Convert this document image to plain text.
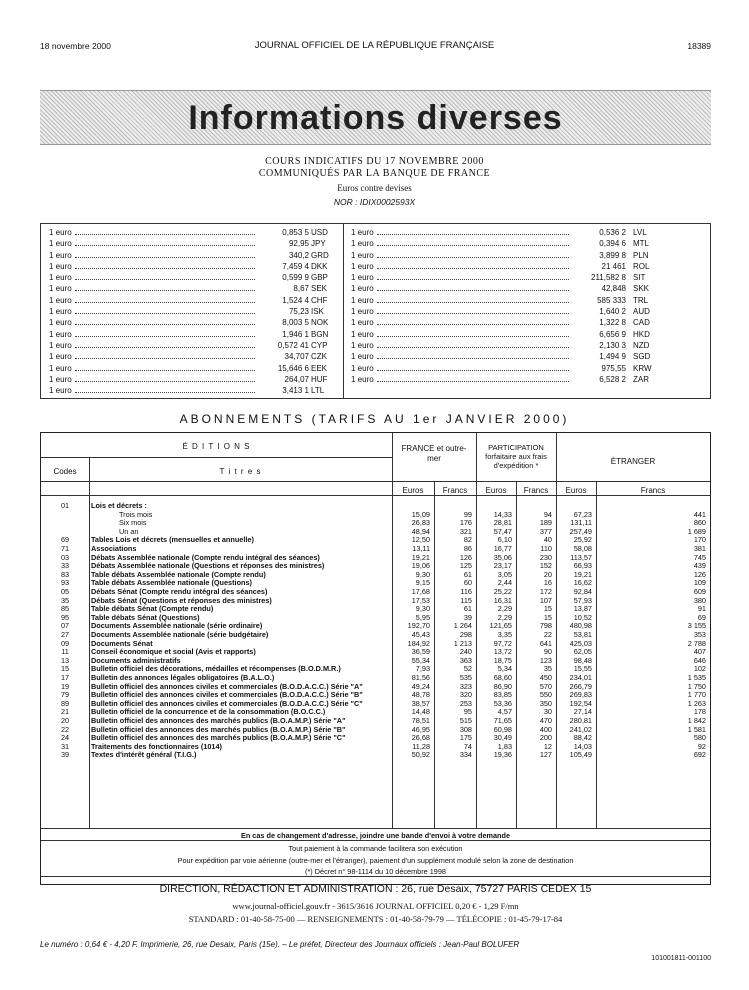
18 novembre 2000	JOURNAL OFFICIEL DE LA RÉPUBLIQUE FRANÇAISE	18389
Informations diverses
COURS INDICATIFS DU 17 NOVEMBRE 2000
COMMUNIQUÉS PAR LA BANQUE DE FRANCE
Euros contre devises
NOR : IDIX0002593X
1 euro	0,853 5 USD
1 euro	92,95 JPY
1 euro	340,2 GRD
1 euro	7,459 4 DKK
1 euro	0,599 9 GBP
1 euro	8,67 SEK
1 euro	1,524 4 CHF
1 euro	75,23 ISK
1 euro	8,003 5 NOK
1 euro	1,946 1 BGN
1 euro	0,572 41 CYP
1 euro	34,707 CZK
1 euro	15,646 6 EEK
1 euro	264,07 HUF
1 euro	3,413 1 LTL
1 euro	0,536 2 LVL
1 euro	0,394 6 MTL
1 euro	3,899 8 PLN
1 euro	21 461 ROL
1 euro	211,582 8 SIT
1 euro	42,848 SKK
1 euro	585 333 TRL
1 euro	1,640 2 AUD
1 euro	1,322 8 CAD
1 euro	6,656 9 HKD
1 euro	2,130 3 NZD
1 euro	1,494 9 SGD
1 euro	975,55 KRW
1 euro	6,528 2 ZAR
ABONNEMENTS (TARIFS AU 1er JANVIER 2000)
É D I T I O N S
Codes	T i t r e s
FRANCE et outre-mer
PARTICIPATION forfaitaire aux frais d'expédition *	ÉTRANGER
Euros	Francs	Euros	Francs	Euros	Francs
01	Lois et décrets :
Trois mois	15,09	99	14,33	94	67,23	441
Six mois	26,83	176	28,81	189	131,11	860
Un an	48,94	321	57,47	377	257,49	1 689
69	Tables Lois et décrets (mensuelles et annuelle)	12,50	82	6,10	40	25,92	170
71	Associations	13,11	86	16,77	110	58,08	381
03	Débats Assemblée nationale (Compte rendu intégral des séances)	19,21	126	35,06	230	113,57	745
33	Débats Assemblée nationale (Questions et réponses des ministres)	19,06	125	23,17	152	66,93	439
83	Table débats Assemblée nationale (Compte rendu)	9,30	61	3,05	20	19,21	126
93	Table débats Assemblée nationale (Questions)	9,15	60	2,44	16	16,62	109
05	Débats Sénat (Compte rendu intégral des séances)	17,68	116	25,22	172	92,84	609
35	Débats Sénat (Questions et réponses des ministres)	17,53	115	16,31	107	57,93	380
85	Table débats Sénat (Compte rendu)	9,30	61	2,29	15	13,87	91
95	Table débats Sénat (Questions)	5,95	39	2,29	15	10,52	69
07	Documents Assemblée nationale (série ordinaire)	192,70	1 264	121,65	798	480,98	3 155
27	Documents Assemblée nationale (série budgétaire)	45,43	298	3,35	22	53,81	353
09	Documents Sénat	184,92	1 213	97,72	641	425,03	2 788
11	Conseil économique et social (Avis et rapports)	36,59	240	13,72	90	62,05	407
13	Documents administratifs	55,34	363	18,75	123	98,48	646
15	Bulletin officiel des décorations, médailles et récompenses (B.O.D.M.R.)	7,93	52	5,34	35	15,55	102
17	Bulletin des annonces légales obligatoires (B.A.L.O.)	81,56	535	68,60	450	234,01	1 535
19	Bulletin officiel des annonces civiles et commerciales (B.O.D.A.C.C.) Série "A"	49,24	323	86,90	570	266,79	1 750
79	Bulletin officiel des annonces civiles et commerciales (B.O.D.A.C.C.) Série "B"	48,78	320	83,85	550	269,83	1 770
89	Bulletin officiel des annonces civiles et commerciales (B.O.D.A.C.C.) Série "C"	38,57	253	53,36	350	192,54	1 263
21	Bulletin officiel de la concurrence et de la consommation (B.O.C.C.)	14,48	95	4,57	30	27,14	178
20	Bulletin officiel des annonces des marchés publics (B.O.A.M.P.) Série "A"	78,51	515	71,65	470	280,81	1 842
22	Bulletin officiel des annonces des marchés publics (B.O.A.M.P.) Série "B"	46,95	308	60,98	400	241,02	1 581
24	Bulletin officiel des annonces des marchés publics (B.O.A.M.P.) Série "C"	26,68	175	30,49	200	88,42	580
31	Traitements des fonctionnaires (1014)	11,28	74	1,83	12	14,03	92
39	Textes d'intérêt général (T.I.G.)	50,92	334	19,36	127	105,49	692
En cas de changement d'adresse, joindre une bande d'envoi à votre demande
Tout paiement à la commande facilitera son exécution
Pour expédition par voie aérienne (outre-mer et l'étranger), paiement d'un supplément modulé selon la zone de destination
(*) Décret n° 98-1114 du 10 décembre 1998
DIRECTION, RÉDACTION ET ADMINISTRATION : 26, rue Desaix, 75727 PARIS CEDEX 15
www.journal-officiel.gouv.fr - 3615/3616 JOURNAL OFFICIEL 0,20 € - 1,29 F/mn
STANDARD : 01-40-58-75-00 — RENSEIGNEMENTS : 01-40-58-79-79 — TÉLÉCOPIE : 01-45-79-17-84
Le numéro : 0,64 € - 4,20 F. Imprimerie, 26, rue Desaix, Paris (15e). – Le préfet, Directeur des Journaux officiels : Jean-Paul BOLUFER
101001811-001100
